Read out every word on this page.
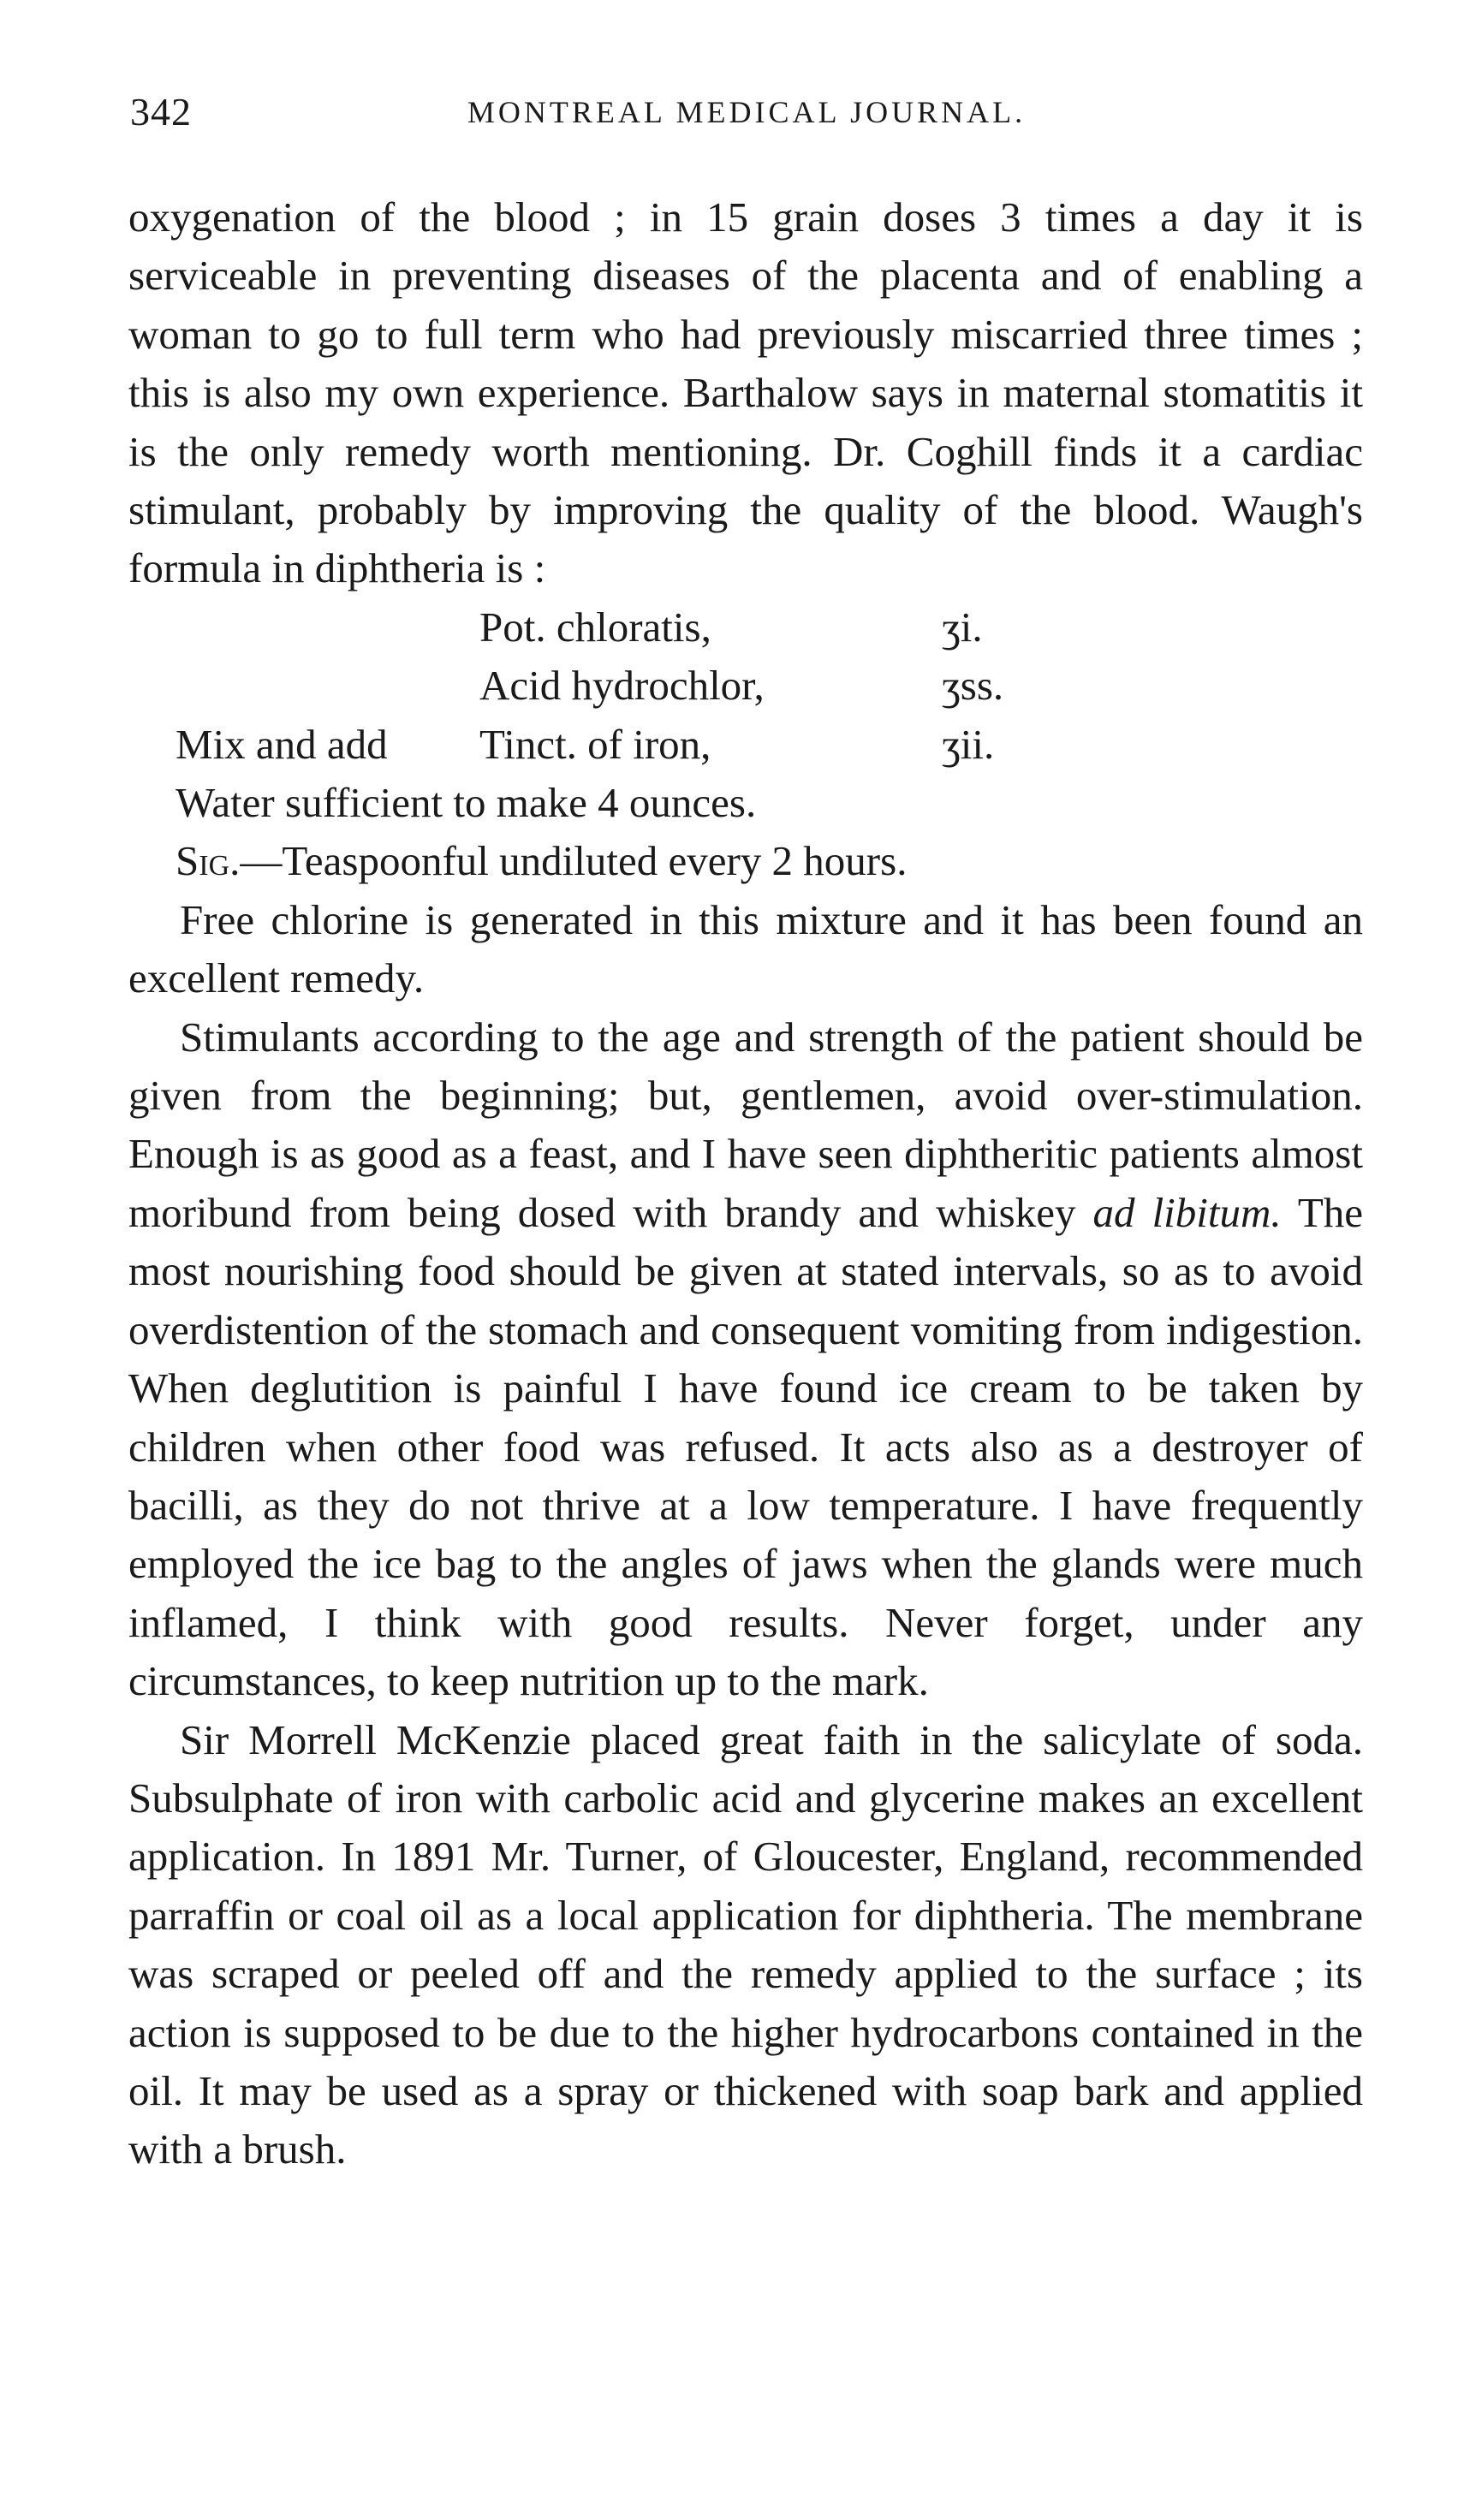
342	MONTREAL MEDICAL JOURNAL.

oxygenation of the blood ; in 15 grain doses 3 times a day it is serviceable in preventing diseases of the placenta and of enabling a woman to go to full term who had previously miscarried three times ; this is also my own experience. Barthalow says in maternal stomatitis it is the only remedy worth mentioning. Dr. Coghill finds it a cardiac stimulant, probably by improving the quality of the blood. Waugh's formula in diphtheria is :

Pot. chloratis,	ʒi.
Acid hydrochlor,	ʒss.
Mix and add Tinct. of iron,	ʒii.
Water sufficient to make 4 ounces.
Sig.—Teaspoonful undiluted every 2 hours.

Free chlorine is generated in this mixture and it has been found an excellent remedy.

Stimulants according to the age and strength of the patient should be given from the beginning; but, gentlemen, avoid over-stimulation. Enough is as good as a feast, and I have seen diphtheritic patients almost moribund from being dosed with brandy and whiskey ad libitum. The most nourishing food should be given at stated intervals, so as to avoid overdistention of the stomach and consequent vomiting from indigestion. When deglutition is painful I have found ice cream to be taken by children when other food was refused. It acts also as a destroyer of bacilli, as they do not thrive at a low temperature. I have frequently employed the ice bag to the angles of jaws when the glands were much inflamed, I think with good results. Never forget, under any circumstances, to keep nutrition up to the mark.

Sir Morrell McKenzie placed great faith in the salicylate of soda. Subsulphate of iron with carbolic acid and glycerine makes an excellent application. In 1891 Mr. Turner, of Gloucester, England, recommended parraffin or coal oil as a local application for diphtheria. The membrane was scraped or peeled off and the remedy applied to the surface ; its action is supposed to be due to the higher hydrocarbons contained in the oil. It may be used as a spray or thickened with soap bark and applied with a brush.
